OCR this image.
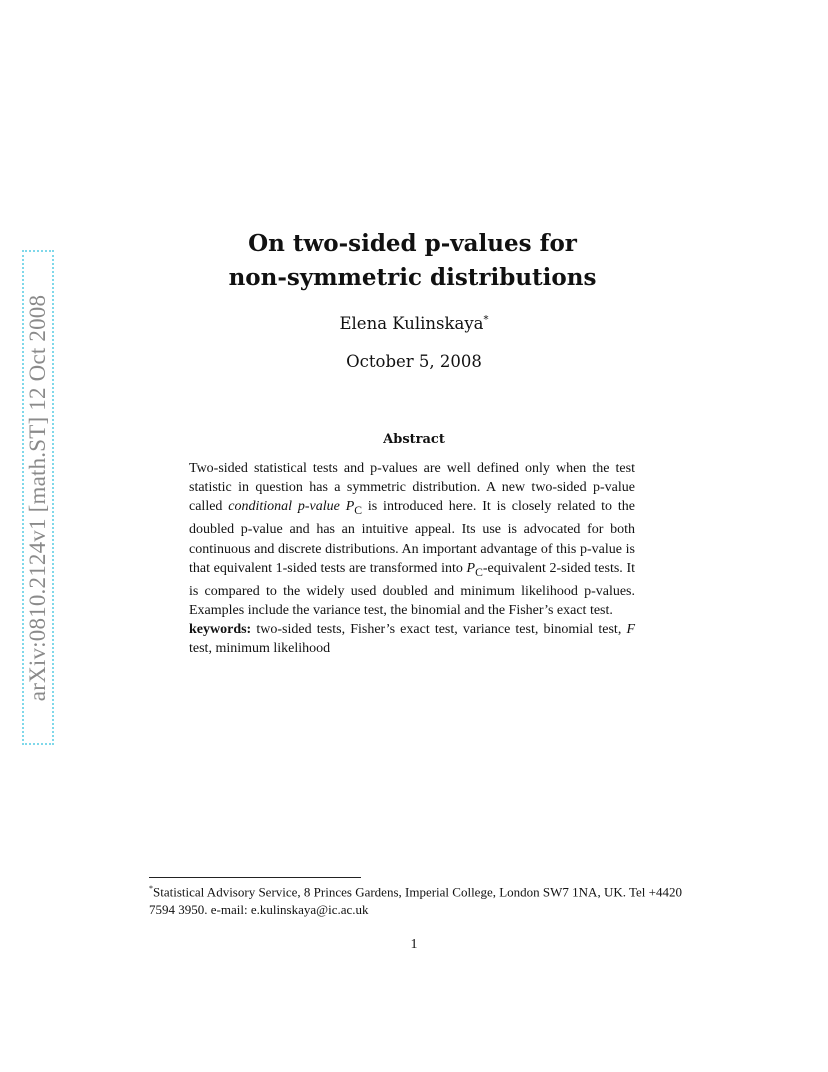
arXiv:0810.2124v1 [math.ST] 12 Oct 2008
On two-sided p-values for
non-symmetric distributions
Elena Kulinskaya*
October 5, 2008
Abstract

Two-sided statistical tests and p-values are well defined only when the test statistic in question has a symmetric distribution. A new two-sided p-value called conditional p-value $P_C$ is introduced here. It is closely related to the doubled p-value and has an intuitive appeal. Its use is advocated for both continuous and discrete distributions. An important advantage of this p-value is that equivalent 1-sided tests are transformed into $P_C$-equivalent 2-sided tests. It is compared to the widely used doubled and minimum likelihood p-values. Examples include the variance test, the binomial and the Fisher’s exact test.

keywords: two-sided tests, Fisher’s exact test, variance test, binomial test, F test, minimum likelihood

*Statistical Advisory Service, 8 Princes Gardens, Imperial College, London SW7 1NA, UK. Tel +4420 7594 3950. e-mail: e.kulinskaya@ic.ac.uk
1
